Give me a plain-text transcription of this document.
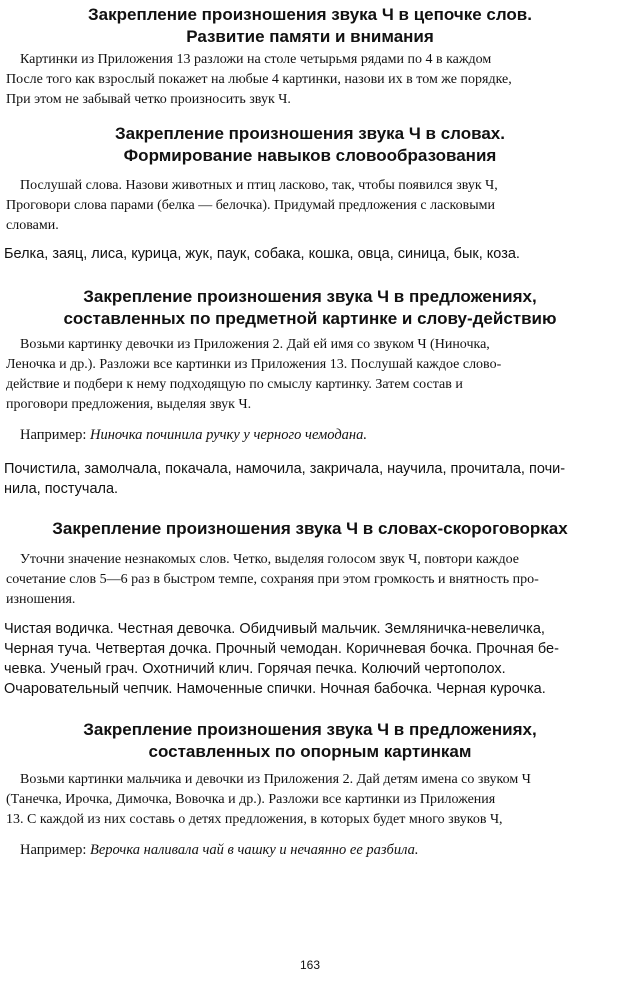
Закрепление произношения звука Ч в цепочке слов.
Развитие памяти и внимания

Картинки из Приложения 13 разложи на столе четырьмя рядами по 4 в каждом
После того как взрослый покажет на любые 4 картинки, назови их в том же порядке,
При этом не забывай четко произносить звук Ч.

Закрепление произношения звука Ч в словах.
Формирование навыков словообразования

Послушай слова. Назови животных и птиц ласково, так, чтобы появился звук Ч,
Проговори слова парами (белка — белочка). Придумай предложения с ласковыми
словами.

Белка, заяц, лиса, курица, жук, паук, собака, кошка, овца, синица, бык, коза.

Закрепление произношения звука Ч в предложениях,
составленных по предметной картинке и слову-действию

Возьми картинку девочки из Приложения 2. Дай ей имя со звуком Ч (Ниночка,
Леночка и др.). Разложи все картинки из Приложения 13. Послушай каждое слово-
действие и подбери к нему подходящую по смыслу картинку. Затем состав и
проговори предложения, выделяя звук Ч.

Например: Ниночка починила ручку у черного чемодана.

Почистила, замолчала, покачала, намочила, закричала, научила, прочитала, почи-
нила, постучала.

Закрепление произношения звука Ч в словах-скороговорках

Уточни значение незнакомых слов. Четко, выделяя голосом звук Ч, повтори каждое
сочетание слов 5—6 раз в быстром темпе, сохраняя при этом громкость и внятность про-
изношения.

Чистая водичка. Честная девочка. Обидчивый мальчик. Земляничка-невеличка,
Черная туча. Четвертая дочка. Прочный чемодан. Коричневая бочка. Прочная бе-
чевка. Ученый грач. Охотничий клич. Горячая печка. Колючий чертополох.
Очаровательный чепчик. Намоченные спички. Ночная бабочка. Черная курочка.

Закрепление произношения звука Ч в предложениях,
составленных по опорным картинкам

Возьми картинки мальчика и девочки из Приложения 2. Дай детям имена со звуком Ч
(Танечка, Ирочка, Димочка, Вовочка и др.). Разложи все картинки из Приложения
13. С каждой из них составь о детях предложения, в которых будет много звуков Ч,

Например: Верочка наливала чай в чашку и нечаянно ее разбила.

163
